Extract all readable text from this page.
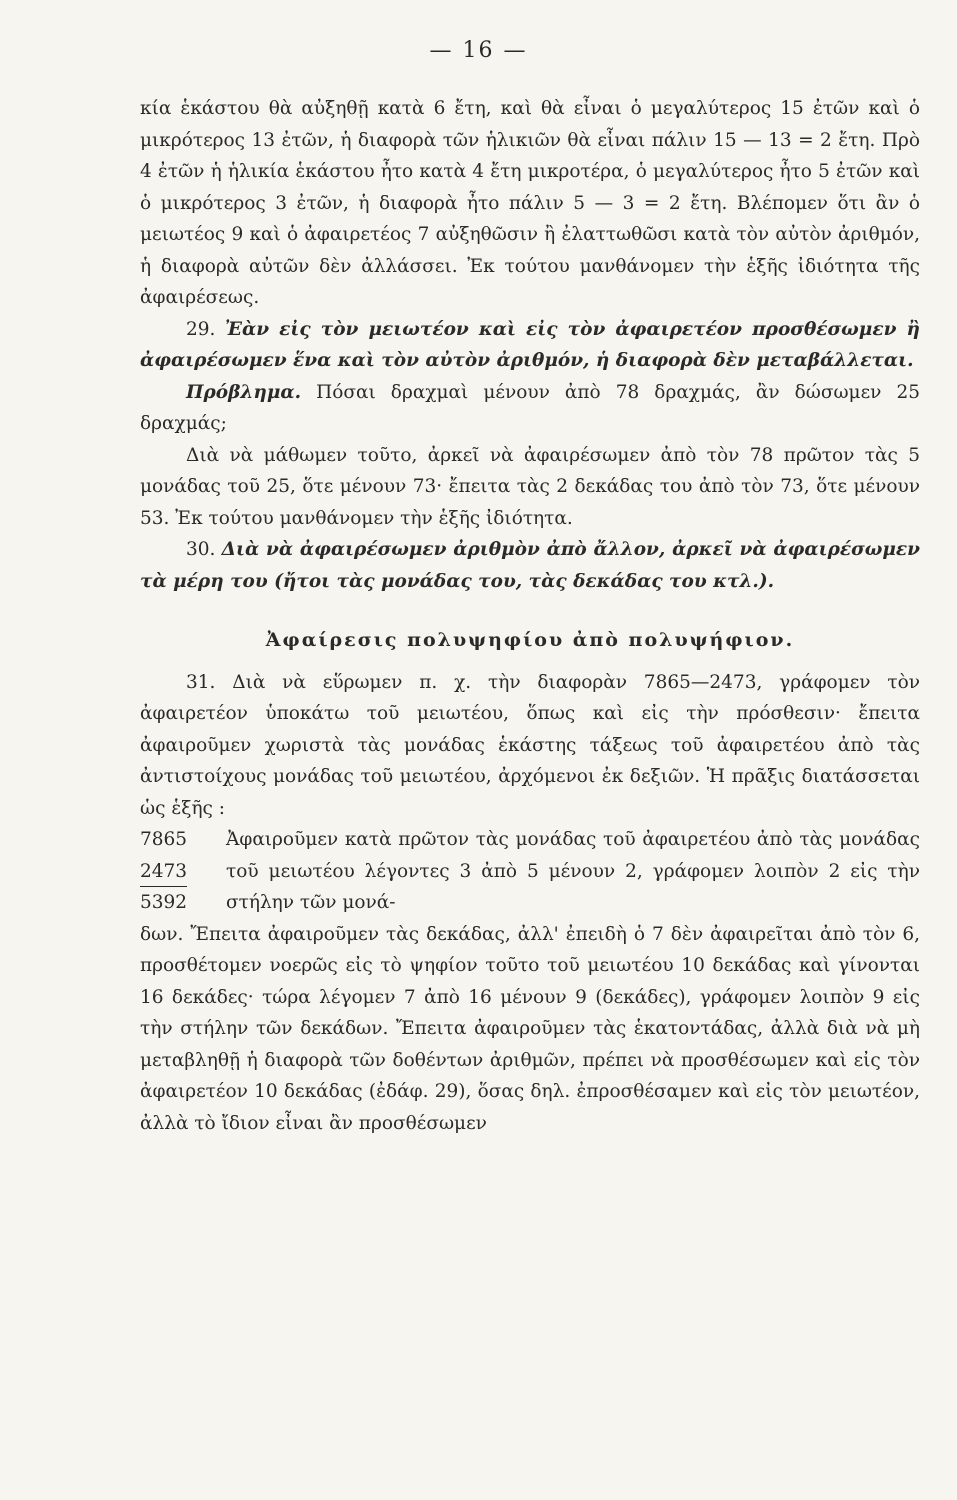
— 16 —

κία ἑκάστου θὰ αὐξηθῇ κατὰ 6 ἔτη, καὶ θὰ εἶναι ὁ μεγαλύτερος 15 ἐτῶν καὶ ὁ μικρότερος 13 ἐτῶν, ἡ διαφορὰ τῶν ἡλικιῶν θὰ εἶναι πάλιν 15 — 13 = 2 ἔτη. Πρὸ 4 ἐτῶν ἡ ἡλικία ἑκάστου ἦτο κατὰ 4 ἔτη μικροτέρα, ὁ μεγαλύτερος ἦτο 5 ἐτῶν καὶ ὁ μικρότερος 3 ἐτῶν, ἡ διαφορὰ ἦτο πάλιν 5 — 3 = 2 ἔτη. Βλέπομεν ὅτι ἂν ὁ μειωτέος 9 καὶ ὁ ἀφαιρετέος 7 αὐξηθῶσιν ἢ ἐλαττωθῶσι κατὰ τὸν αὐτὸν ἀριθμόν, ἡ διαφορὰ αὐτῶν δὲν ἀλλάσσει. Ἐκ τούτου μανθάνομεν τὴν ἑξῆς ἰδιότητα τῆς ἀφαιρέσεως.

29. Ἐὰν εἰς τὸν μειωτέον καὶ εἰς τὸν ἀφαιρετέον προσθέσωμεν ἢ ἀφαιρέσωμεν ἕνα καὶ τὸν αὐτὸν ἀριθμόν, ἡ διαφορὰ δὲν μεταβάλλεται.

Πρόβλημα. Πόσαι δραχμαὶ μένουν ἀπὸ 78 δραχμάς, ἂν δώσωμεν 25 δραχμάς;

Διὰ νὰ μάθωμεν τοῦτο, ἀρκεῖ νὰ ἀφαιρέσωμεν ἀπὸ τὸν 78 πρῶτον τὰς 5 μονάδας τοῦ 25, ὅτε μένουν 73· ἔπειτα τὰς 2 δεκάδας του ἀπὸ τὸν 73, ὅτε μένουν 53. Ἐκ τούτου μανθάνομεν τὴν ἑξῆς ἰδιότητα.

30. Διὰ νὰ ἀφαιρέσωμεν ἀριθμὸν ἀπὸ ἄλλον, ἀρκεῖ νὰ ἀφαιρέσωμεν τὰ μέρη του (ἤτοι τὰς μονάδας του, τὰς δεκάδας του κτλ.).

Ἀφαίρεσις πολυψηφίου ἀπὸ πολυψήφιον.

31. Διὰ νὰ εὕρωμεν π. χ. τὴν διαφορὰν 7865—2473, γράφομεν τὸν ἀφαιρετέον ὑποκάτω τοῦ μειωτέου, ὅπως καὶ εἰς τὴν πρόσθεσιν· ἔπειτα ἀφαιροῦμεν χωριστὰ τὰς μονάδας ἑκάστης τάξεως τοῦ ἀφαιρετέου ἀπὸ τὰς ἀντιστοίχους μονάδας τοῦ μειωτέου, ἀρχόμενοι ἐκ δεξιῶν. Ἡ πρᾶξις διατάσσεται ὡς ἑξῆς :

7865
2473
5392

Ἀφαιροῦμεν κατὰ πρῶτον τὰς μονάδας τοῦ ἀφαιρετέου ἀπὸ τὰς μονάδας τοῦ μειωτέου λέγοντες 3 ἀπὸ 5 μένουν 2, γράφομεν λοιπὸν 2 εἰς τὴν στήλην τῶν μονά-

δων. Ἔπειτα ἀφαιροῦμεν τὰς δεκάδας, ἀλλ' ἐπειδὴ ὁ 7 δὲν ἀφαιρεῖται ἀπὸ τὸν 6, προσθέτομεν νοερῶς εἰς τὸ ψηφίον τοῦτο τοῦ μειωτέου 10 δεκάδας καὶ γίνονται 16 δεκάδες· τώρα λέγομεν 7 ἀπὸ 16 μένουν 9 (δεκάδες), γράφομεν λοιπὸν 9 εἰς τὴν στήλην τῶν δεκάδων. Ἔπειτα ἀφαιροῦμεν τὰς ἑκατοντάδας, ἀλλὰ διὰ νὰ μὴ μεταβληθῇ ἡ διαφορὰ τῶν δοθέντων ἀριθμῶν, πρέπει νὰ προσθέσωμεν καὶ εἰς τὸν ἀφαιρετέον 10 δεκάδας (ἐδάφ. 29), ὅσας δηλ. ἐπροσθέσαμεν καὶ εἰς τὸν μειωτέον, ἀλλὰ τὸ ἴδιον εἶναι ἂν προσθέσωμεν
